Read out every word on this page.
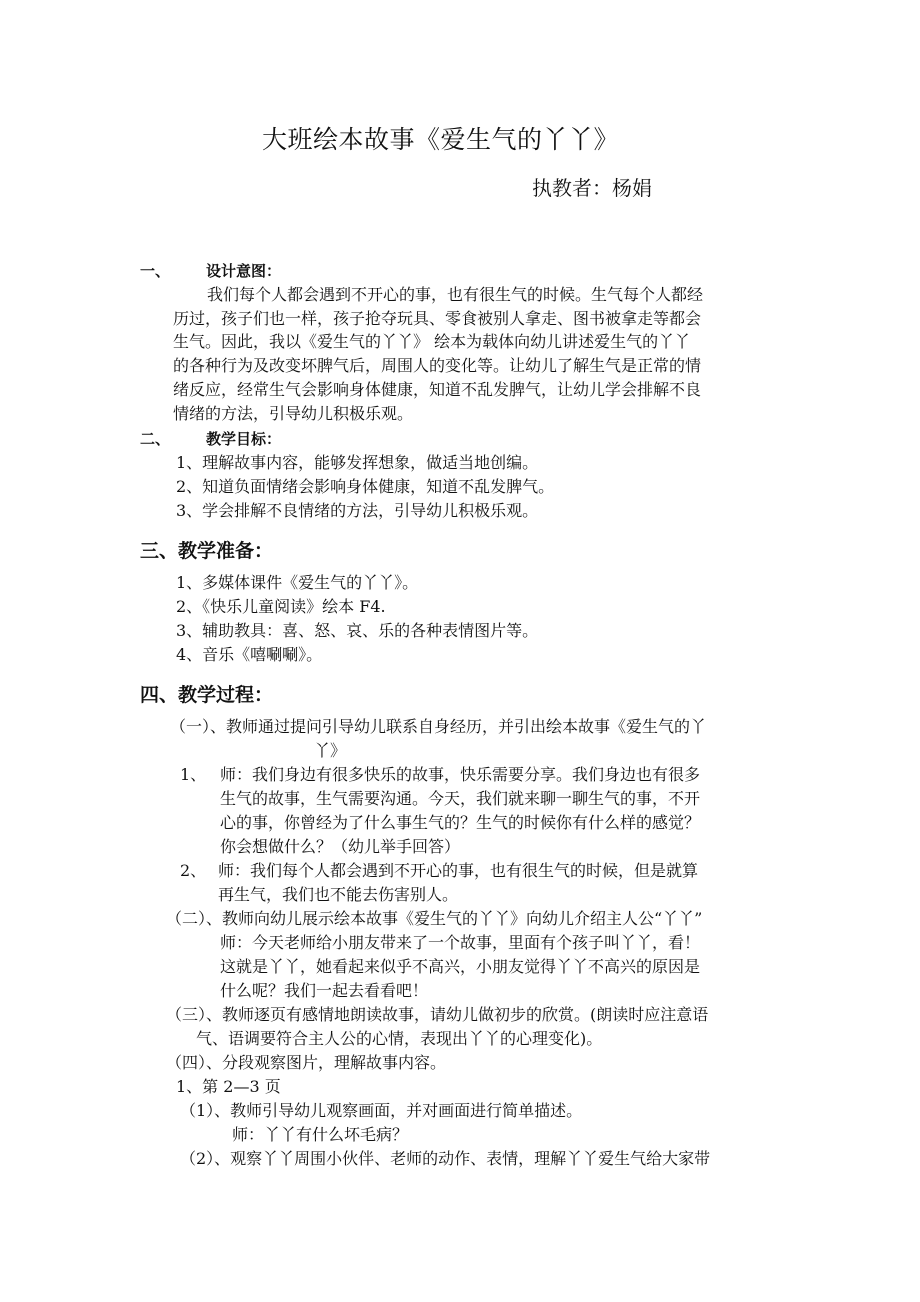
大班绘本故事《爱生气的丫丫》
执教者：杨娟
一、 设计意图：
我们每个人都会遇到不开心的事，也有很生气的时候。生气每个人都经
历过，孩子们也一样，孩子抢夺玩具、零食被别人拿走、图书被拿走等都会
生气。因此，我以《爱生气的丫丫》 绘本为载体向幼儿讲述爱生气的丫丫
的各种行为及改变坏脾气后，周围人的变化等。让幼儿了解生气是正常的情
绪反应，经常生气会影响身体健康，知道不乱发脾气，让幼儿学会排解不良
情绪的方法，引导幼儿积极乐观。
二、 教学目标：
1、理解故事内容，能够发挥想象，做适当地创编。
2、知道负面情绪会影响身体健康，知道不乱发脾气。
3、学会排解不良情绪的方法，引导幼儿积极乐观。
三、教学准备：
1、多媒体课件《爱生气的丫丫》。
2、《快乐儿童阅读》绘本 F4.
3、辅助教具：喜、怒、哀、乐的各种表情图片等。
4、音乐《嘻唰唰》。
四、教学过程：
（一）、教师通过提问引导幼儿联系自身经历，并引出绘本故事《爱生气的丫
丫》
1、 师：我们身边有很多快乐的故事，快乐需要分享。我们身边也有很多
生气的故事，生气需要沟通。今天，我们就来聊一聊生气的事，不开
心的事，你曾经为了什么事生气的？生气的时候你有什么样的感觉？
你会想做什么？（幼儿举手回答）
2、 师：我们每个人都会遇到不开心的事，也有很生气的时候，但是就算
再生气，我们也不能去伤害别人。
（二）、教师向幼儿展示绘本故事《爱生气的丫丫》向幼儿介绍主人公“丫丫”
师：今天老师给小朋友带来了一个故事，里面有个孩子叫丫丫，看！
这就是丫丫，她看起来似乎不高兴，小朋友觉得丫丫不高兴的原因是
什么呢？我们一起去看看吧！
（三）、教师逐页有感情地朗读故事，请幼儿做初步的欣赏。(朗读时应注意语
气、语调要符合主人公的心情，表现出丫丫的心理变化)。
（四）、分段观察图片，理解故事内容。
1、第 2—3 页
（1）、教师引导幼儿观察画面，并对画面进行简单描述。
师：丫丫有什么坏毛病？
（2）、观察丫丫周围小伙伴、老师的动作、表情，理解丫丫爱生气给大家带
